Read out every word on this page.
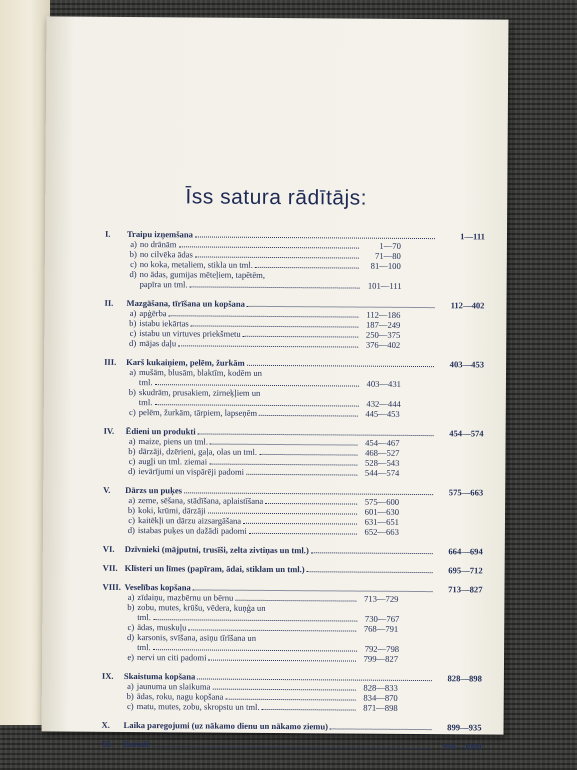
Īss satura rādītājs:
I.	Traipu izņemšana	1—111
a) no drānām	1—70
b) no cilvēka ādas	71—80
c) no koka, metaliem, stikla un tml.	81—100
d) no ādas, gumijas mēteļiem, tapētēm,
papīra un tml.	101—111
II.	Mazgāšana, tīrīšana un kopšana	112—402
a) apģērba	112—186
b) istabu iekārtas	187—249
c) istabu un virtuves priekšmetu	250—375
d) mājas daļu	376—402
III.	Karš kukaiņiem, pelēm, žurkām	403—453
a) mušām, blusām, blaktīm, kodēm un
tml.	403—431
b) skudrām, prusakiem, zirneķļiem un
tml.	432—444
c) pelēm, žurkām, tārpiem, lapseņēm	445—453
IV.	Ēdieni un produkti	454—574
a) maize, piens un tml.	454—467
b) dārzāji, dzērieni, gaļa, olas un tml.	468—527
c) augļi un tml. ziemai	528—543
d) ievārījumi un vispārēji padomi	544—574
V.	Dārzs un puķes	575—663
a) zeme, sēšana, stādīšana, aplaistīšana	575—600
b) koki, krūmi, dārzāji	601—630
c) kaitēkļi un dārzu aizsargāšana	631—651
d) istabas puķes un dažādi padomi	652—663
VI.	Dzīvnieki (mājputni, trusīši, zelta zivtiņas un tml.)	664—694
VII. Klīsteri un līmes (papīram, ādai, stiklam un tml.)	695—712
VIII. Veselības kopšana	713—827
a) zīdaiņu, mazbērnu un bērnu	713—729
b) zobu, mutes, krūšu, vēdera, kuņģa un
tml.	730—767
c) ādas, muskuļu	768—791
d) karsonis, svīšana, asiņu tīrīšana un
tml.	792—798
e) nervi un citi padomi	799—827
IX.	Skaistuma kopšana	828—898
a) jaunuma un slaikuma	828—833
b) ādas, roku, nagu kopšana	834—870
c) matu, mutes, zobu, skropstu un tml.	871—898
X.	Laika paregojumi (uz nākamo dienu un nākamo ziemu)	899—935
XI.	Dažādi	936—1000
